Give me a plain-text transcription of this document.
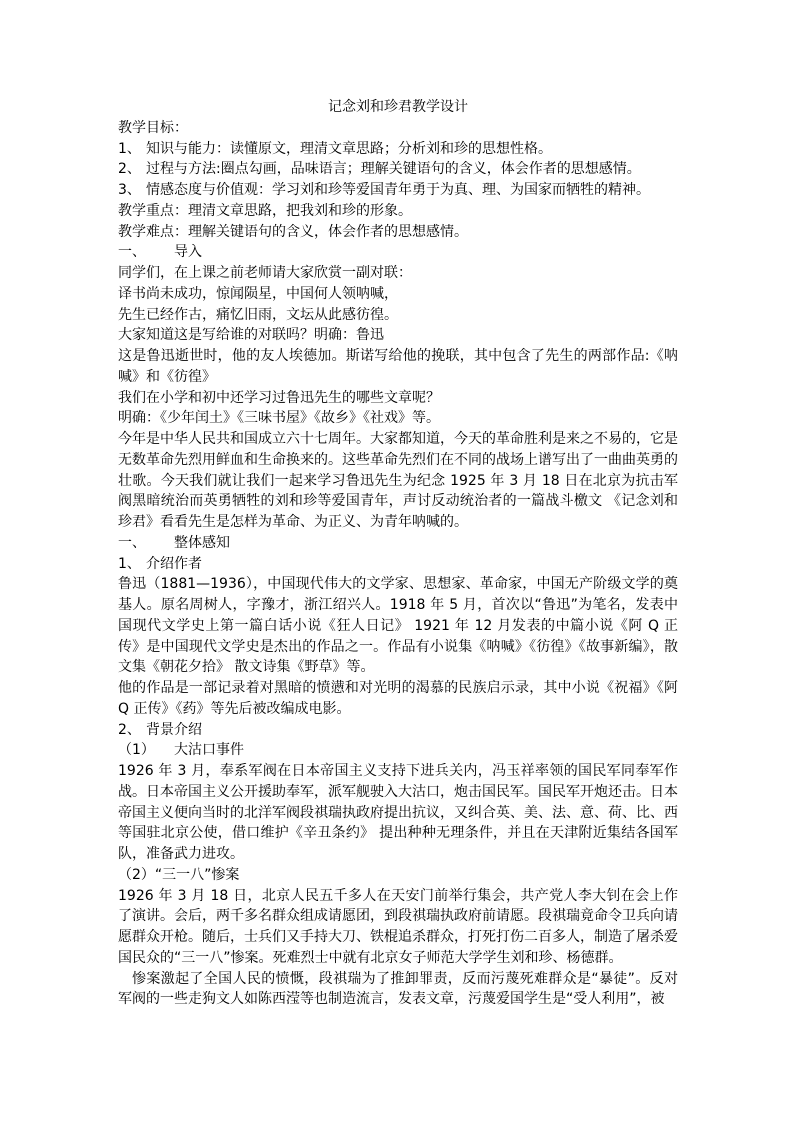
记念刘和珍君教学设计

教学目标：

1、 知识与能力：读懂原文，理清文章思路；分析刘和珍的思想性格。

2、 过程与方法:圈点勾画，品味语言；理解关键语句的含义，体会作者的思想感情。

3、 情感态度与价值观：学习刘和珍等爱国青年勇于为真、理、为国家而牺牲的精神。

教学重点：理清文章思路，把我刘和珍的形象。

教学难点：理解关键语句的含义，体会作者的思想感情。

一、 导入

同学们，在上课之前老师请大家欣赏一副对联：

译书尚未成功，惊闻陨星，中国何人领呐喊，

先生已经作古，痛忆旧雨，文坛从此感彷徨。

大家知道这是写给谁的对联吗？明确：鲁迅

这是鲁迅逝世时，他的友人埃德加。斯诺写给他的挽联，其中包含了先生的两部作品:《呐喊》和《彷徨》

我们在小学和初中还学习过鲁迅先生的哪些文章呢？

明确：《少年闰土》《三味书屋》《故乡》《社戏》等。

今年是中华人民共和国成立六十七周年。大家都知道，今天的革命胜利是来之不易的，它是无数革命先烈用鲜血和生命换来的。这些革命先烈们在不同的战场上谱写出了一曲曲英勇的壮歌。今天我们就让我们一起来学习鲁迅先生为纪念 1925 年 3 月 18 日在北京为抗击军阀黑暗统治而英勇牺牲的刘和珍等爱国青年，声讨反动统治者的一篇战斗檄文 《记念刘和珍君》看看先生是怎样为革命、为正义、为青年呐喊的。

一、 整体感知

1、 介绍作者

鲁迅（1881—1936），中国现代伟大的文学家、思想家、革命家，中国无产阶级文学的奠基人。原名周树人，字豫才，浙江绍兴人。1918 年 5 月，首次以“鲁迅”为笔名，发表中国现代文学史上第一篇白话小说《狂人日记》 1921 年 12 月发表的中篇小说《阿 Q 正传》是中国现代文学史是杰出的作品之一。作品有小说集《呐喊》《彷徨》《故事新编》，散文集《朝花夕拾》 散文诗集《野草》等。

他的作品是一部记录着对黑暗的愤懑和对光明的渴慕的民族启示录，其中小说《祝福》《阿 Q 正传》《药》等先后被改编成电影。

2、 背景介绍

（1） 大沽口事件

1926 年 3 月，奉系军阀在日本帝国主义支持下进兵关内，冯玉祥率领的国民军同奉军作战。日本帝国主义公开援助奉军，派军舰驶入大沽口，炮击国民军。国民军开炮还击。日本帝国主义便向当时的北洋军阀段祺瑞执政府提出抗议，又纠合英、美、法、意、荷、比、西等国驻北京公使，借口维护《辛丑条约》 提出种种无理条件，并且在天津附近集结各国军队，准备武力进攻。

（2）“三一八”惨案

1926 年 3 月 18 日，北京人民五千多人在天安门前举行集会，共产党人李大钊在会上作了演讲。会后，两千多名群众组成请愿团，到段祺瑞执政府前请愿。段祺瑞竟命令卫兵向请愿群众开枪。随后，士兵们又手持大刀、铁棍追杀群众，打死打伤二百多人，制造了屠杀爱国民众的“三一八”惨案。死难烈士中就有北京女子师范大学学生刘和珍、杨德群。

惨案激起了全国人民的愤慨，段祺瑞为了推卸罪责，反而污蔑死难群众是“暴徒”。反对军阀的一些走狗文人如陈西滢等也制造流言，发表文章，污蔑爱国学生是“受人利用”，被
